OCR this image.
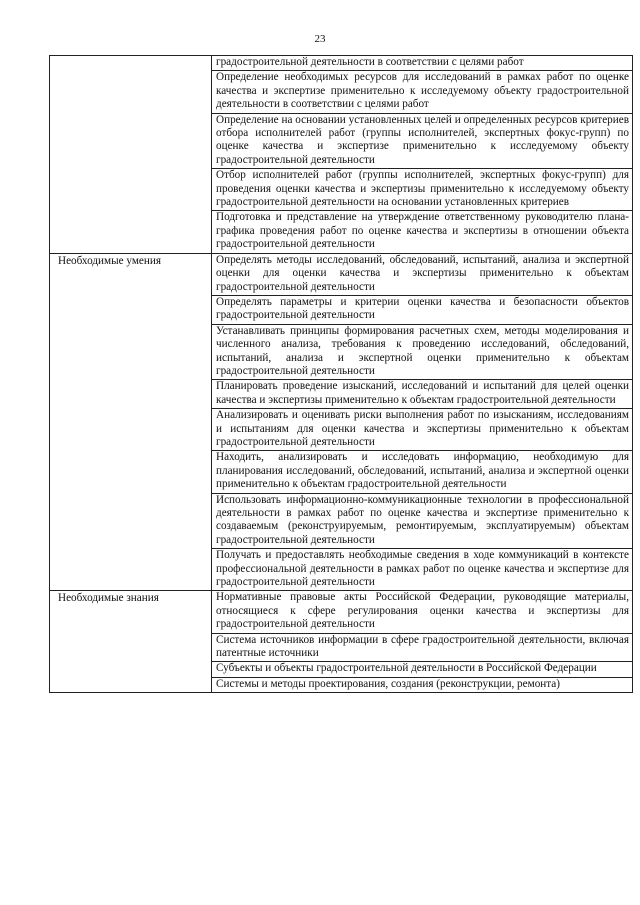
23
	градостроительной деятельности в соответствии с целями работ
	Определение необходимых ресурсов для исследований в рамках работ по оценке качества и экспертизе применительно к исследуемому объекту градостроительной деятельности в соответствии с целями работ
	Определение на основании установленных целей и определенных ресурсов критериев отбора исполнителей работ (группы исполнителей, экспертных фокус-групп) по оценке качества и экспертизе применительно к исследуемому объекту градостроительной деятельности
	Отбор исполнителей работ (группы исполнителей, экспертных фокус-групп) для проведения оценки качества и экспертизы применительно к исследуемому объекту градостроительной деятельности на основании установленных критериев
	Подготовка и представление на утверждение ответственному руководителю плана-графика проведения работ по оценке качества и экспертизы в отношении объекта градостроительной деятельности
Необходимые умения	Определять методы исследований, обследований, испытаний, анализа и экспертной оценки для оценки качества и экспертизы применительно к объектам градостроительной деятельности
	Определять параметры и критерии оценки качества и безопасности объектов градостроительной деятельности
	Устанавливать принципы формирования расчетных схем, методы моделирования и численного анализа, требования к проведению исследований, обследований, испытаний, анализа и экспертной оценки применительно к объектам градостроительной деятельности
	Планировать проведение изысканий, исследований и испытаний для целей оценки качества и экспертизы применительно к объектам градостроительной деятельности
	Анализировать и оценивать риски выполнения работ по изысканиям, исследованиям и испытаниям для оценки качества и экспертизы применительно к объектам градостроительной деятельности
	Находить, анализировать и исследовать информацию, необходимую для планирования исследований, обследований, испытаний, анализа и экспертной оценки применительно к объектам градостроительной деятельности
	Использовать информационно-коммуникационные технологии в профессиональной деятельности в рамках работ по оценке качества и экспертизе применительно к создаваемым (реконструируемым, ремонтируемым, эксплуатируемым) объектам градостроительной деятельности
	Получать и предоставлять необходимые сведения в ходе коммуникаций в контексте профессиональной деятельности в рамках работ по оценке качества и экспертизе для градостроительной деятельности
Необходимые знания	Нормативные правовые акты Российской Федерации, руководящие материалы, относящиеся к сфере регулирования оценки качества и экспертизы для градостроительной деятельности
	Система источников информации в сфере градостроительной деятельности, включая патентные источники
	Субъекты и объекты градостроительной деятельности в Российской Федерации
	Системы и методы проектирования, создания (реконструкции, ремонта)
